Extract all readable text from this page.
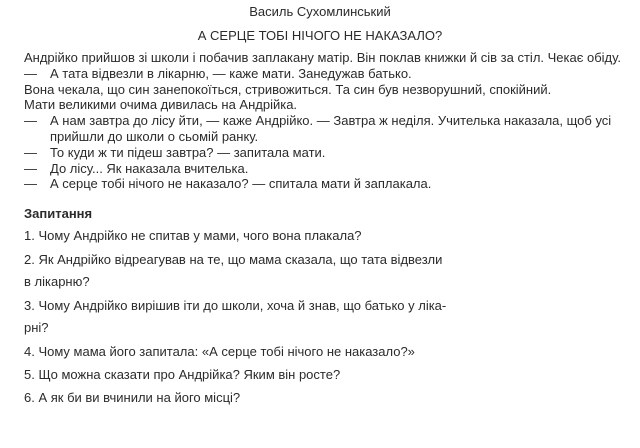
Василь Сухомлинський
А СЕРЦЕ ТОБІ НІЧОГО НЕ НАКАЗАЛО?
Андрійко прийшов зі школи і побачив заплакану матір. Він поклав книжки й сів за стіл. Чекає обіду.
—	А тата відвезли в лікарню, — каже мати. Занедужав батько.
Вона чекала, що син занепокоїться, стривожиться. Та син був незворушний, спокійний.
Мати великими очима дивилась на Андрійка.
—	А нам завтра до лісу йти, — каже Андрійко. — Завтра ж неділя. Учителька наказала, щоб усі
прийшли до школи о сьомій ранку.
—	То куди ж ти підеш завтра? — запитала мати.
—	До лісу... Як наказала вчителька.
—	А серце тобі нічого не наказало? — спитала мати й заплакала.
Запитання
1. Чому Андрійко не спитав у мами, чого вона плакала?
2. Як Андрійко відреагував на те, що мама сказала, що тата відвезли
в лікарню?
3. Чому Андрійко вирішив іти до школи, хоча й знав, що батько у ліка-
рні?
4. Чому мама його запитала: «А серце тобі нічого не наказало?»
5. Що можна сказати про Андрійка? Яким він росте?
6. А як би ви вчинили на його місці?
